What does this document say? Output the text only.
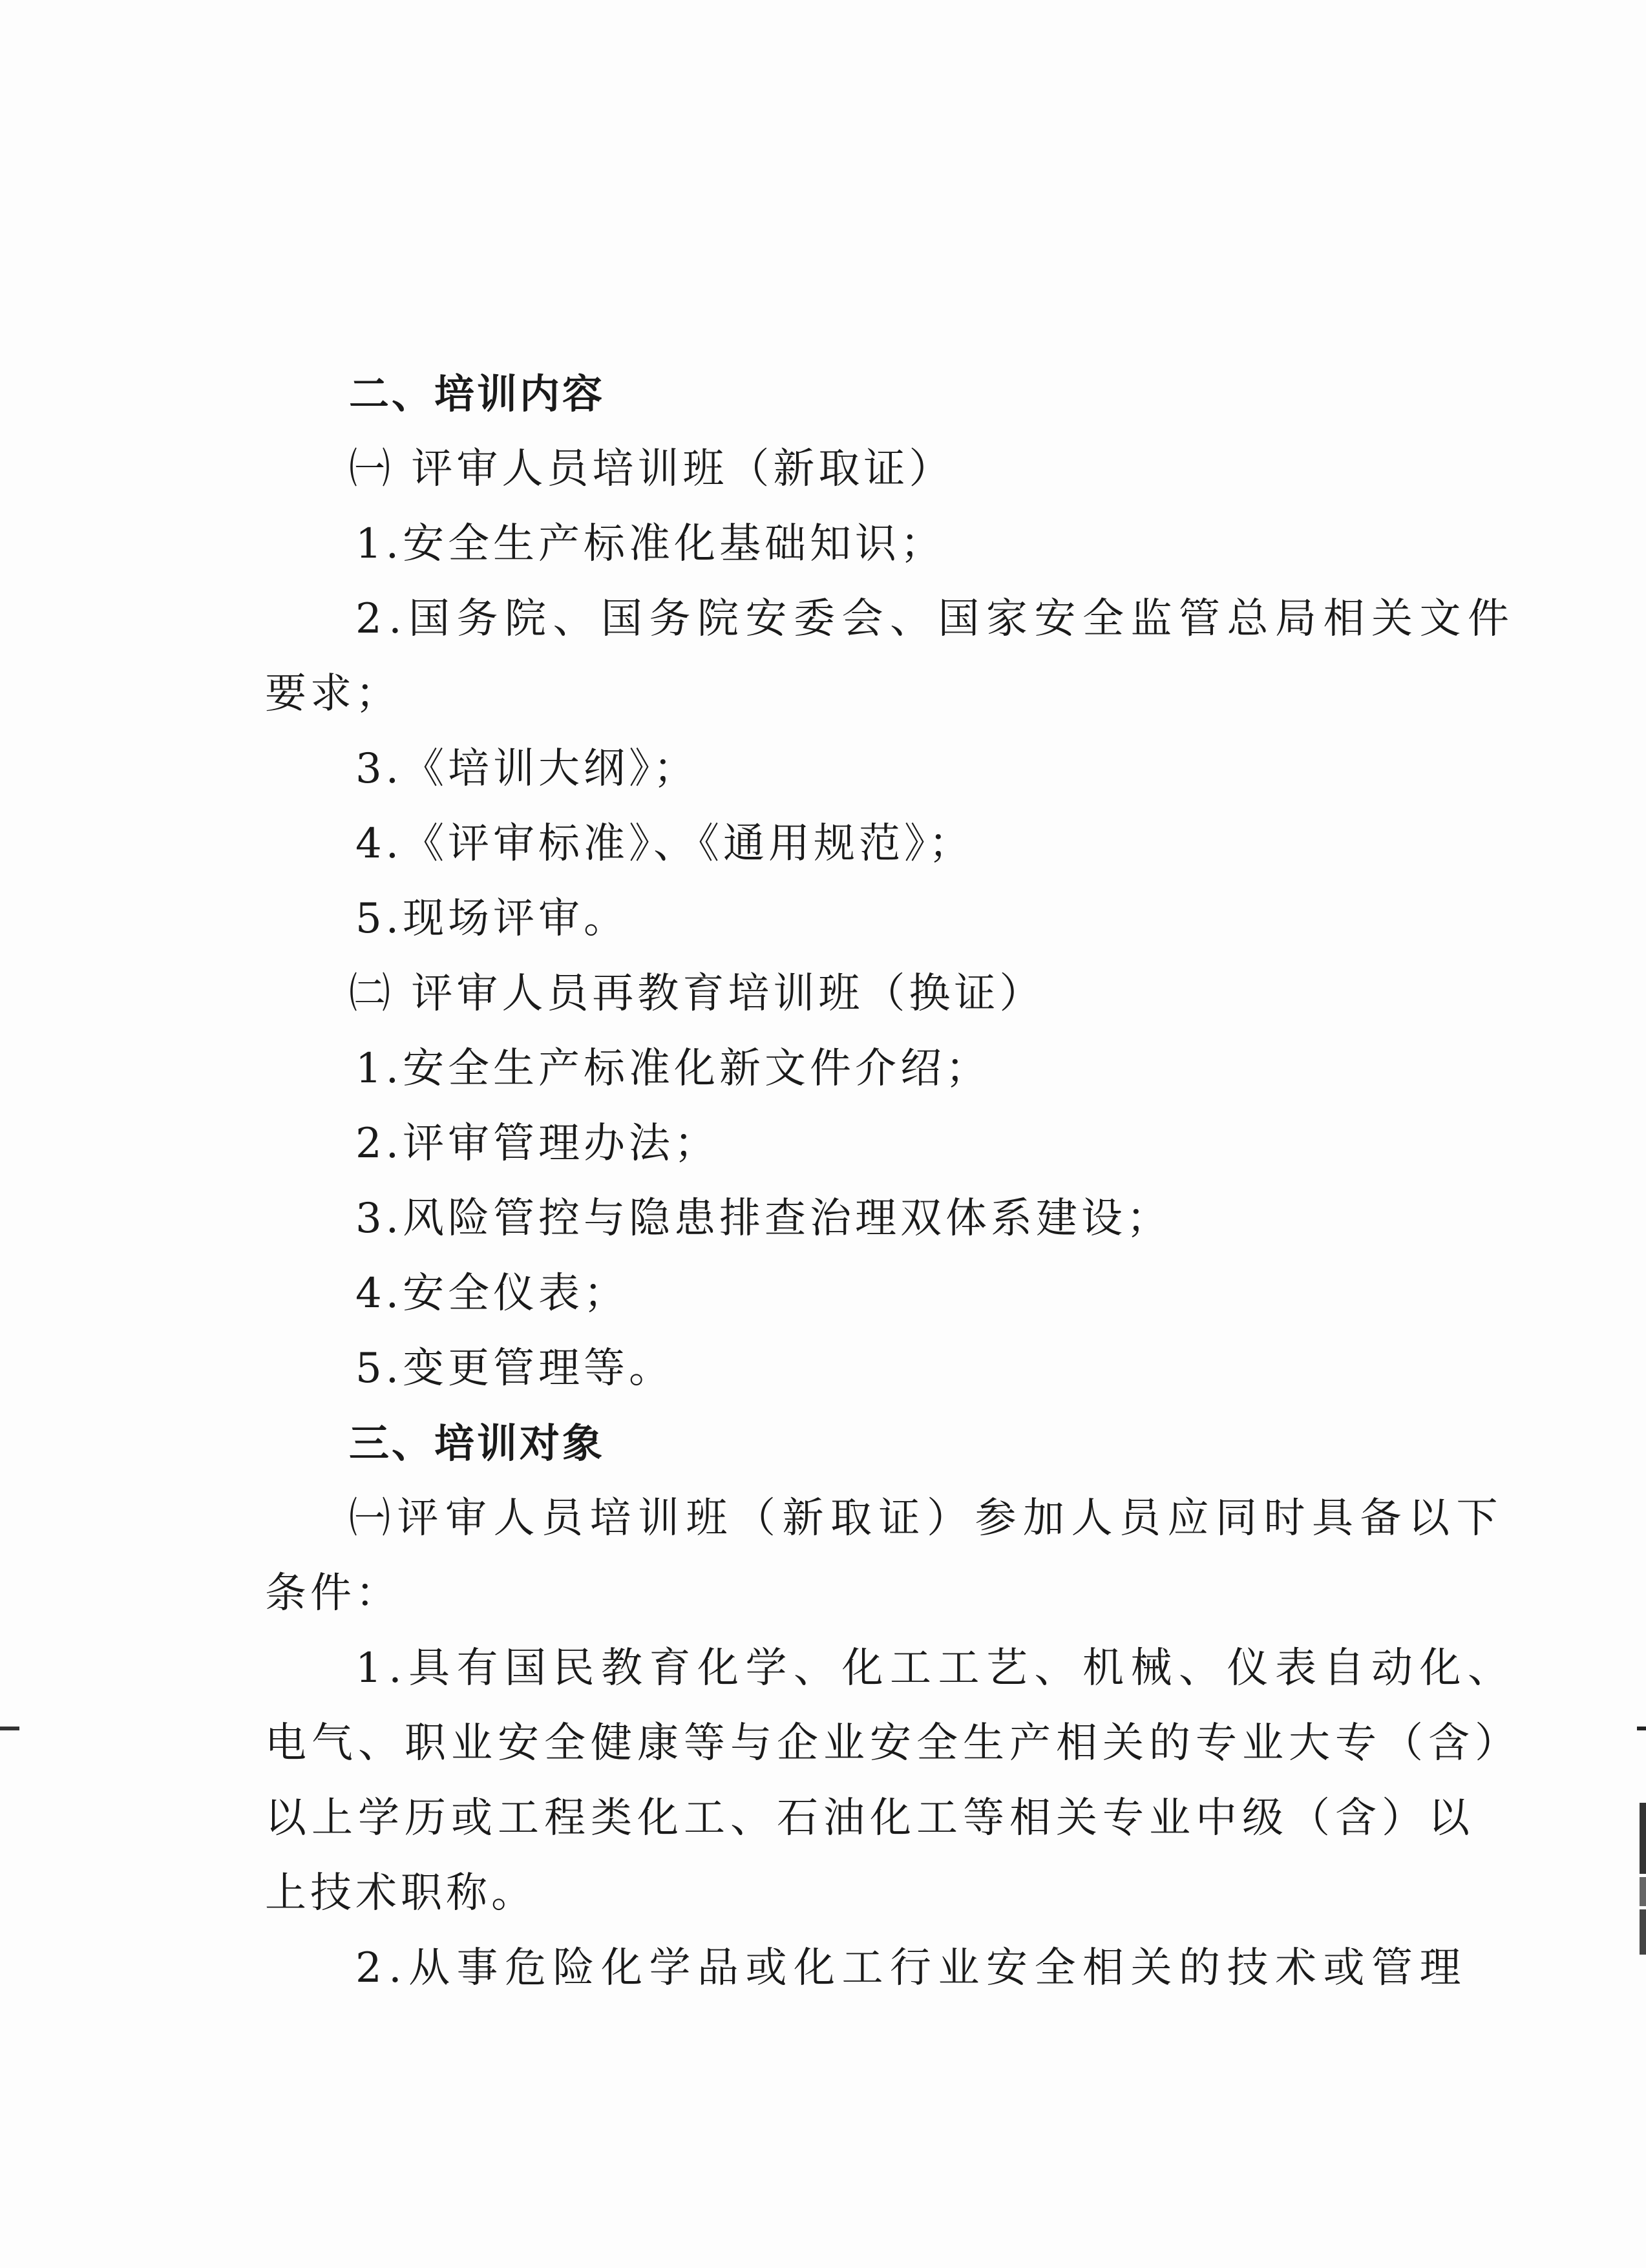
二、培训内容
㈠ 评审人员培训班（新取证）
1.安全生产标准化基础知识；
2.国务院、国务院安委会、国家安全监管总局相关文件
要求；
3.《培训大纲》；
4.《评审标准》、《通用规范》；
5.现场评审。
㈡ 评审人员再教育培训班（换证）
1.安全生产标准化新文件介绍；
2.评审管理办法；
3.风险管控与隐患排查治理双体系建设；
4.安全仪表；
5.变更管理等。
三、培训对象
㈠评审人员培训班（新取证）参加人员应同时具备以下
条件：
1.具有国民教育化学、化工工艺、机械、仪表自动化、
电气、职业安全健康等与企业安全生产相关的专业大专（含）
以上学历或工程类化工、石油化工等相关专业中级（含）以
上技术职称。
2.从事危险化学品或化工行业安全相关的技术或管理
